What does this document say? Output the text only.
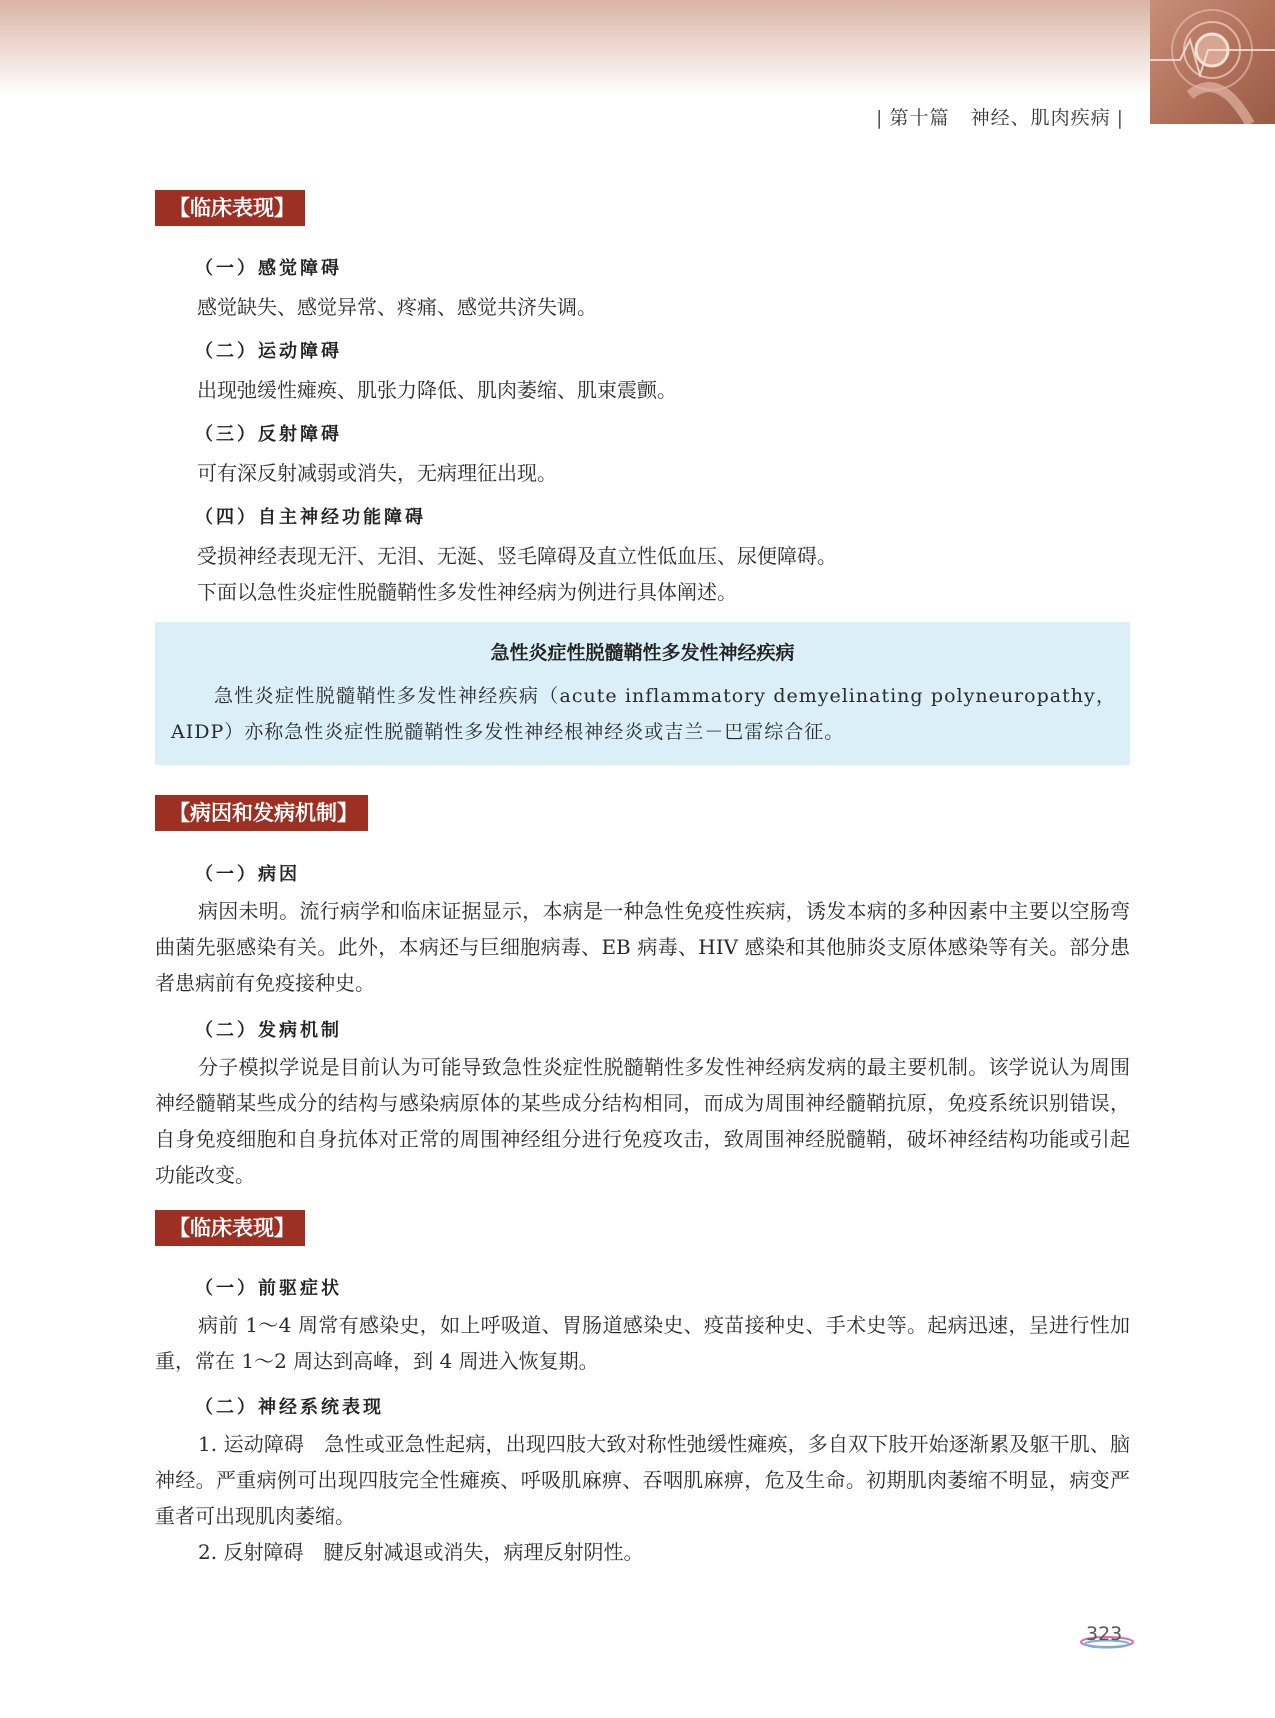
| 第十篇 神经、肌肉疾病 |
【临床表现】
（一）感觉障碍
感觉缺失、感觉异常、疼痛、感觉共济失调。
（二）运动障碍
出现弛缓性瘫痪、肌张力降低、肌肉萎缩、肌束震颤。
（三）反射障碍
可有深反射减弱或消失，无病理征出现。
（四）自主神经功能障碍
受损神经表现无汗、无泪、无涎、竖毛障碍及直立性低血压、尿便障碍。
下面以急性炎症性脱髓鞘性多发性神经病为例进行具体阐述。
急性炎症性脱髓鞘性多发性神经疾病
急性炎症性脱髓鞘性多发性神经疾病（acute inflammatory demyelinating polyneuropathy，AIDP）亦称急性炎症性脱髓鞘性多发性神经根神经炎或吉兰－巴雷综合征。
【病因和发病机制】
（一）病因
病因未明。流行病学和临床证据显示，本病是一种急性免疫性疾病，诱发本病的多种因素中主要以空肠弯曲菌先驱感染有关。此外，本病还与巨细胞病毒、EB 病毒、HIV 感染和其他肺炎支原体感染等有关。部分患者患病前有免疫接种史。
（二）发病机制
分子模拟学说是目前认为可能导致急性炎症性脱髓鞘性多发性神经病发病的最主要机制。该学说认为周围神经髓鞘某些成分的结构与感染病原体的某些成分结构相同，而成为周围神经髓鞘抗原，免疫系统识别错误，自身免疫细胞和自身抗体对正常的周围神经组分进行免疫攻击，致周围神经脱髓鞘，破坏神经结构功能或引起功能改变。
【临床表现】
（一）前驱症状
病前 1～4 周常有感染史，如上呼吸道、胃肠道感染史、疫苗接种史、手术史等。起病迅速，呈进行性加重，常在 1～2 周达到高峰，到 4 周进入恢复期。
（二）神经系统表现
1. 运动障碍　急性或亚急性起病，出现四肢大致对称性弛缓性瘫痪，多自双下肢开始逐渐累及躯干肌、脑神经。严重病例可出现四肢完全性瘫痪、呼吸肌麻痹、吞咽肌麻痹，危及生命。初期肌肉萎缩不明显，病变严重者可出现肌肉萎缩。
2. 反射障碍　腱反射减退或消失，病理反射阴性。
323
